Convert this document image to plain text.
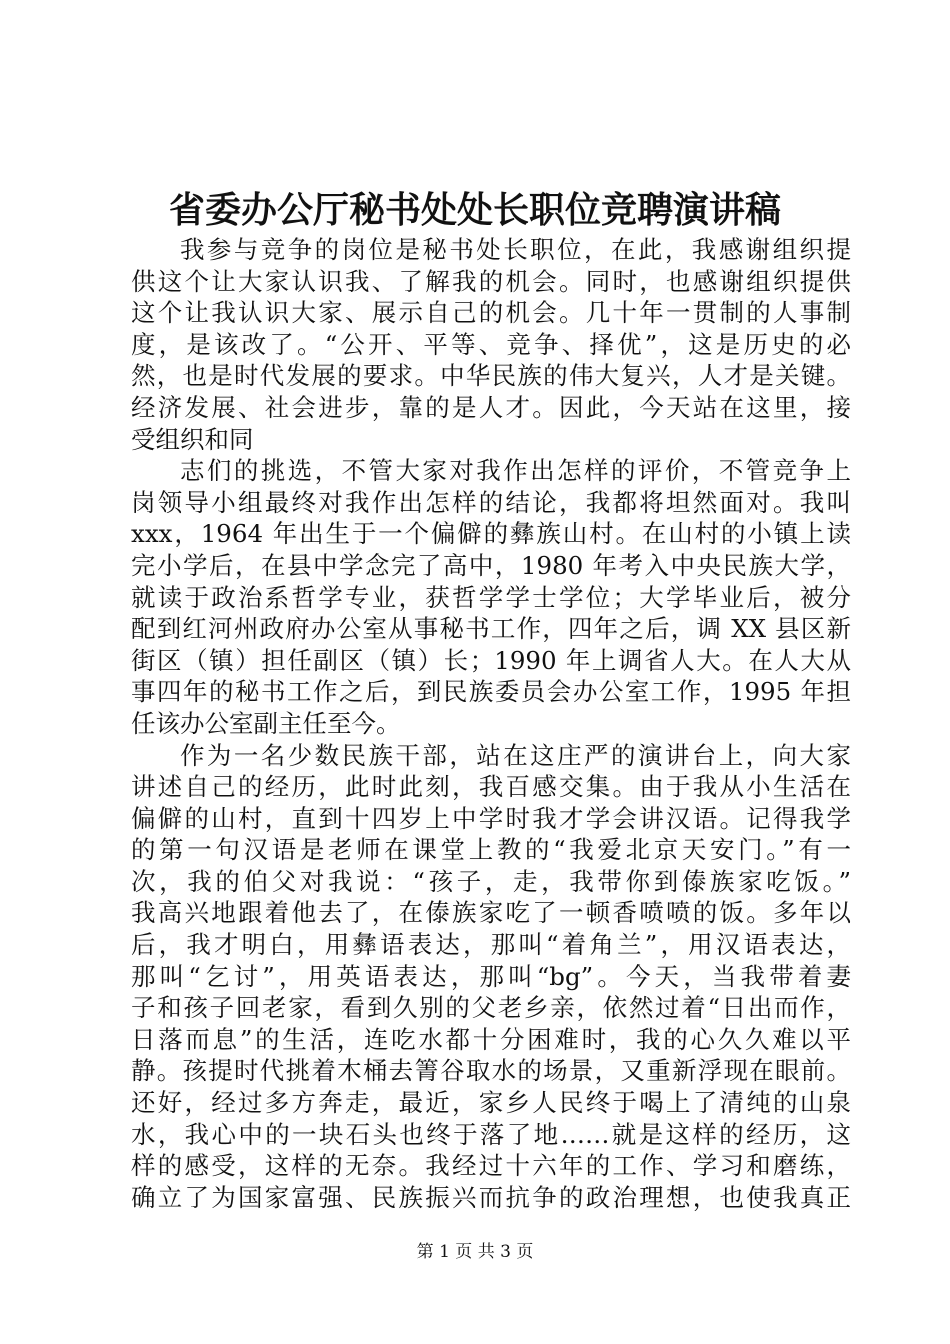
省委办公厅秘书处处长职位竞聘演讲稿
我参与竞争的岗位是秘书处长职位，在此，我感谢组织提
供这个让大家认识我、了解我的机会。同时，也感谢组织提供
这个让我认识大家、展示自己的机会。几十年一贯制的人事制
度，是该改了。“公开、平等、竞争、择优”，这是历史的必
然，也是时代发展的要求。中华民族的伟大复兴，人才是关键。
经济发展、社会进步，靠的是人才。因此，今天站在这里，接
受组织和同
志们的挑选，不管大家对我作出怎样的评价，不管竞争上
岗领导小组最终对我作出怎样的结论，我都将坦然面对。我叫
xxx，1964 年出生于一个偏僻的彝族山村。在山村的小镇上读
完小学后，在县中学念完了高中，1980 年考入中央民族大学，
就读于政治系哲学专业，获哲学学士学位；大学毕业后，被分
配到红河州政府办公室从事秘书工作，四年之后，调 XX 县区新
街区（镇）担任副区（镇）长；1990 年上调省人大。在人大从
事四年的秘书工作之后，到民族委员会办公室工作，1995 年担
任该办公室副主任至今。
作为一名少数民族干部，站在这庄严的演讲台上，向大家
讲述自己的经历，此时此刻，我百感交集。由于我从小生活在
偏僻的山村，直到十四岁上中学时我才学会讲汉语。记得我学
的第一句汉语是老师在课堂上教的“我爱北京天安门。”有一
次，我的伯父对我说：“孩子，走，我带你到傣族家吃饭。”
我高兴地跟着他去了，在傣族家吃了一顿香喷喷的饭。多年以
后，我才明白，用彝语表达，那叫“着角兰”，用汉语表达，
那叫“乞讨”，用英语表达，那叫“bg”。今天，当我带着妻
子和孩子回老家，看到久别的父老乡亲，依然过着“日出而作，
日落而息”的生活，连吃水都十分困难时，我的心久久难以平
静。孩提时代挑着木桶去箐谷取水的场景，又重新浮现在眼前。
还好，经过多方奔走，最近，家乡人民终于喝上了清纯的山泉
水，我心中的一块石头也终于落了地……就是这样的经历，这
样的感受，这样的无奈。我经过十六年的工作、学习和磨练，
确立了为国家富强、民族振兴而抗争的政治理想，也使我真正
第 1 页 共 3 页
